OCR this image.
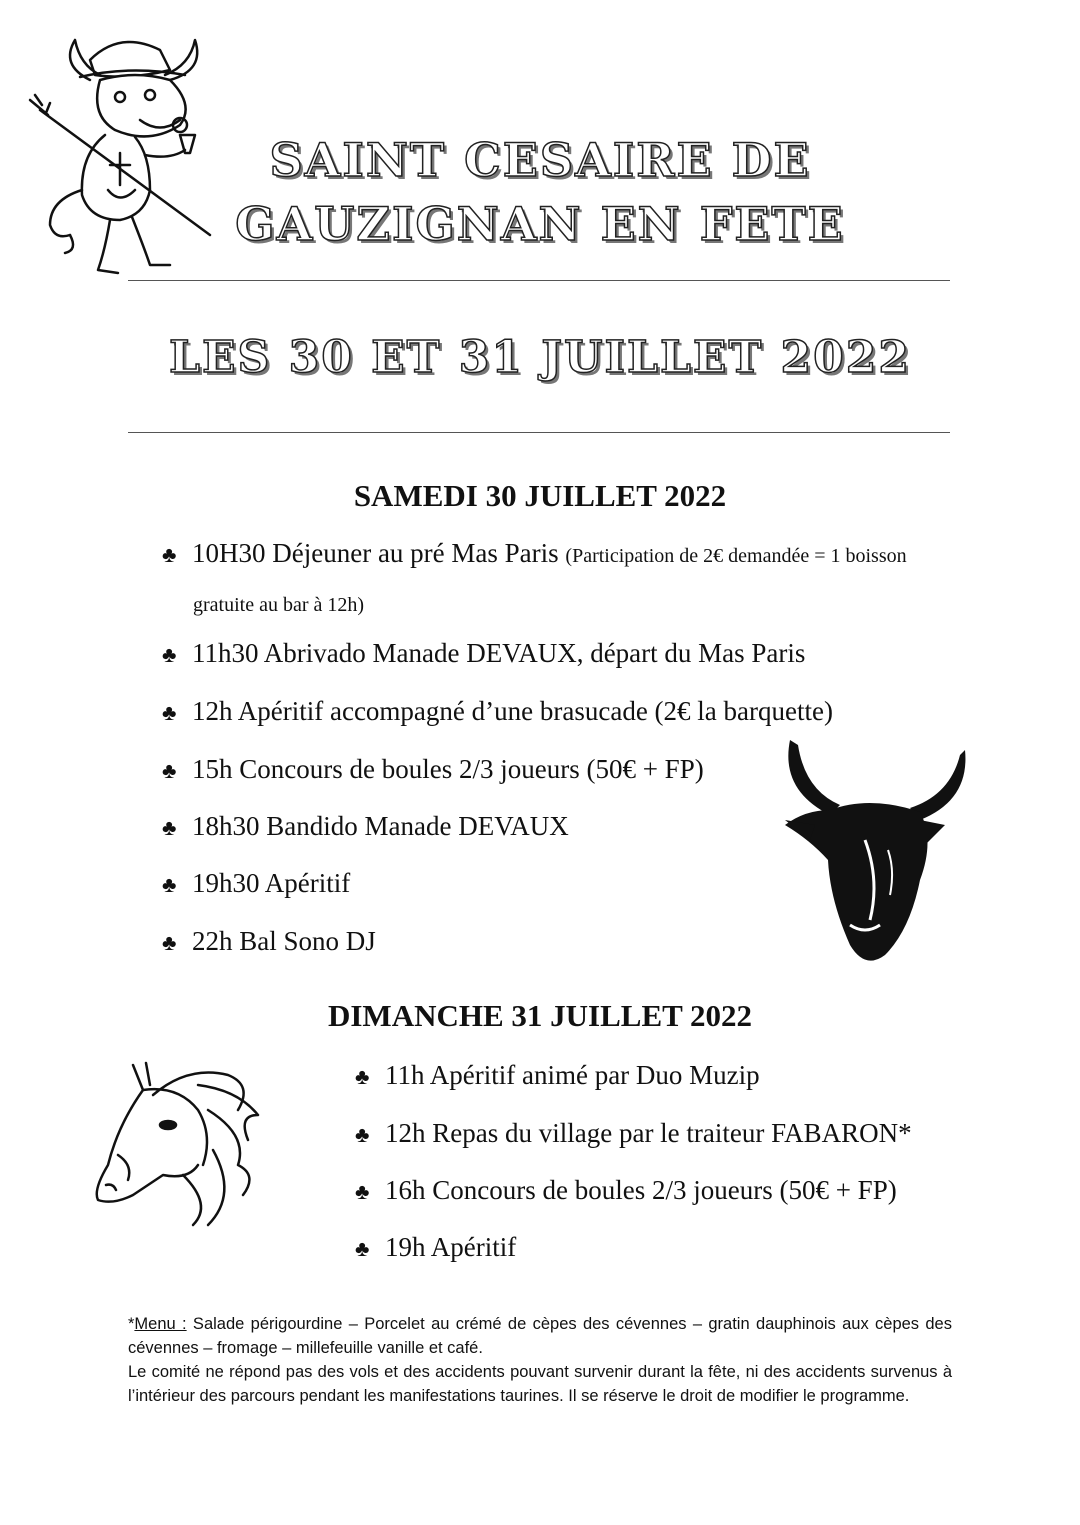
SAINT CESAIRE DE
GAUZIGNAN EN FETE
LES 30 ET 31 JUILLET 2022
SAMEDI 30 JUILLET 2022
♣ 10H30 Déjeuner au pré Mas Paris (Participation de 2€ demandée = 1 boisson
gratuite au bar à 12h)
♣ 11h30 Abrivado Manade DEVAUX, départ du Mas Paris
♣ 12h Apéritif accompagné d’une brasucade (2€ la barquette)
♣ 15h Concours de boules 2/3 joueurs (50€ + FP)
♣ 18h30 Bandido Manade DEVAUX
♣ 19h30 Apéritif
♣ 22h Bal Sono DJ
DIMANCHE 31 JUILLET 2022
♣ 11h Apéritif animé par Duo Muzip
♣ 12h Repas du village par le traiteur FABARON*
♣ 16h Concours de boules 2/3 joueurs (50€ + FP)
♣ 19h Apéritif
*Menu : Salade périgourdine – Porcelet au crémé de cèpes des cévennes – gratin dauphinois aux cèpes des cévennes – fromage – millefeuille vanille et café.
Le comité ne répond pas des vols et des accidents pouvant survenir durant la fête, ni des accidents survenus à l’intérieur des parcours pendant les manifestations taurines. Il se réserve le droit de modifier le programme.
